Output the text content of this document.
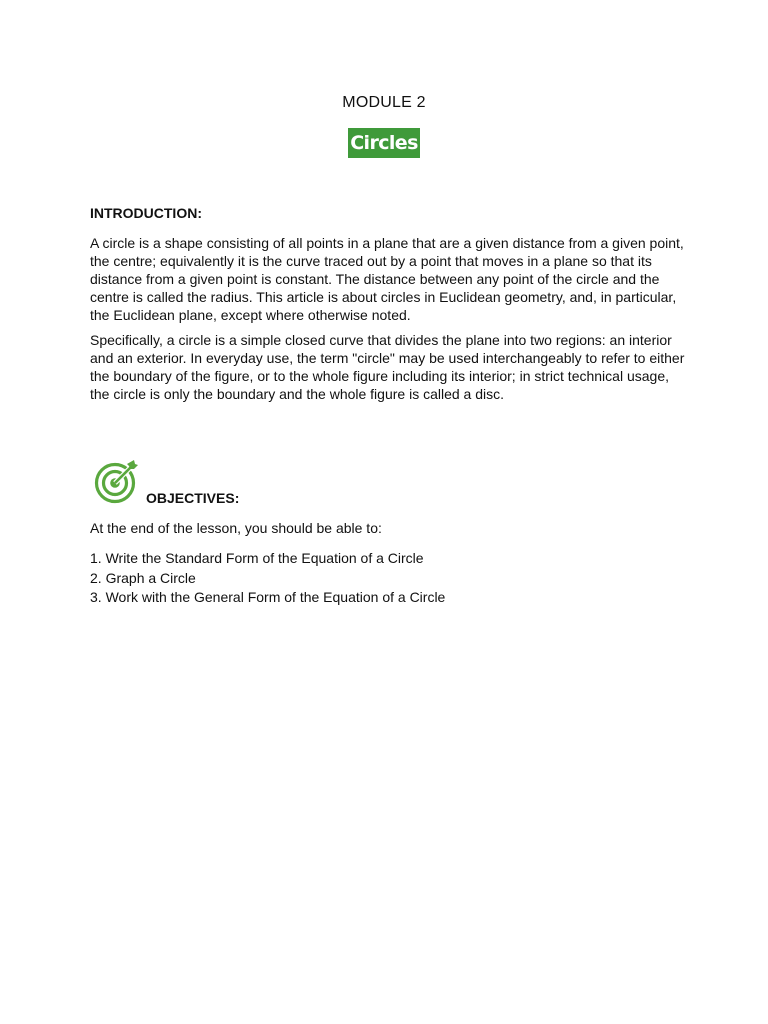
MODULE 2
Circles
INTRODUCTION:

A circle is a shape consisting of all points in a plane that are a given distance from a given point, the centre; equivalently it is the curve traced out by a point that moves in a plane so that its distance from a given point is constant. The distance between any point of the circle and the centre is called the radius. This article is about circles in Euclidean geometry, and, in particular, the Euclidean plane, except where otherwise noted.

Specifically, a circle is a simple closed curve that divides the plane into two regions: an interior and an exterior. In everyday use, the term "circle" may be used interchangeably to refer to either the boundary of the figure, or to the whole figure including its interior; in strict technical usage, the circle is only the boundary and the whole figure is called a disc.

OBJECTIVES:

At the end of the lesson, you should be able to:

1. Write the Standard Form of the Equation of a Circle
2. Graph a Circle
3. Work with the General Form of the Equation of a Circle
